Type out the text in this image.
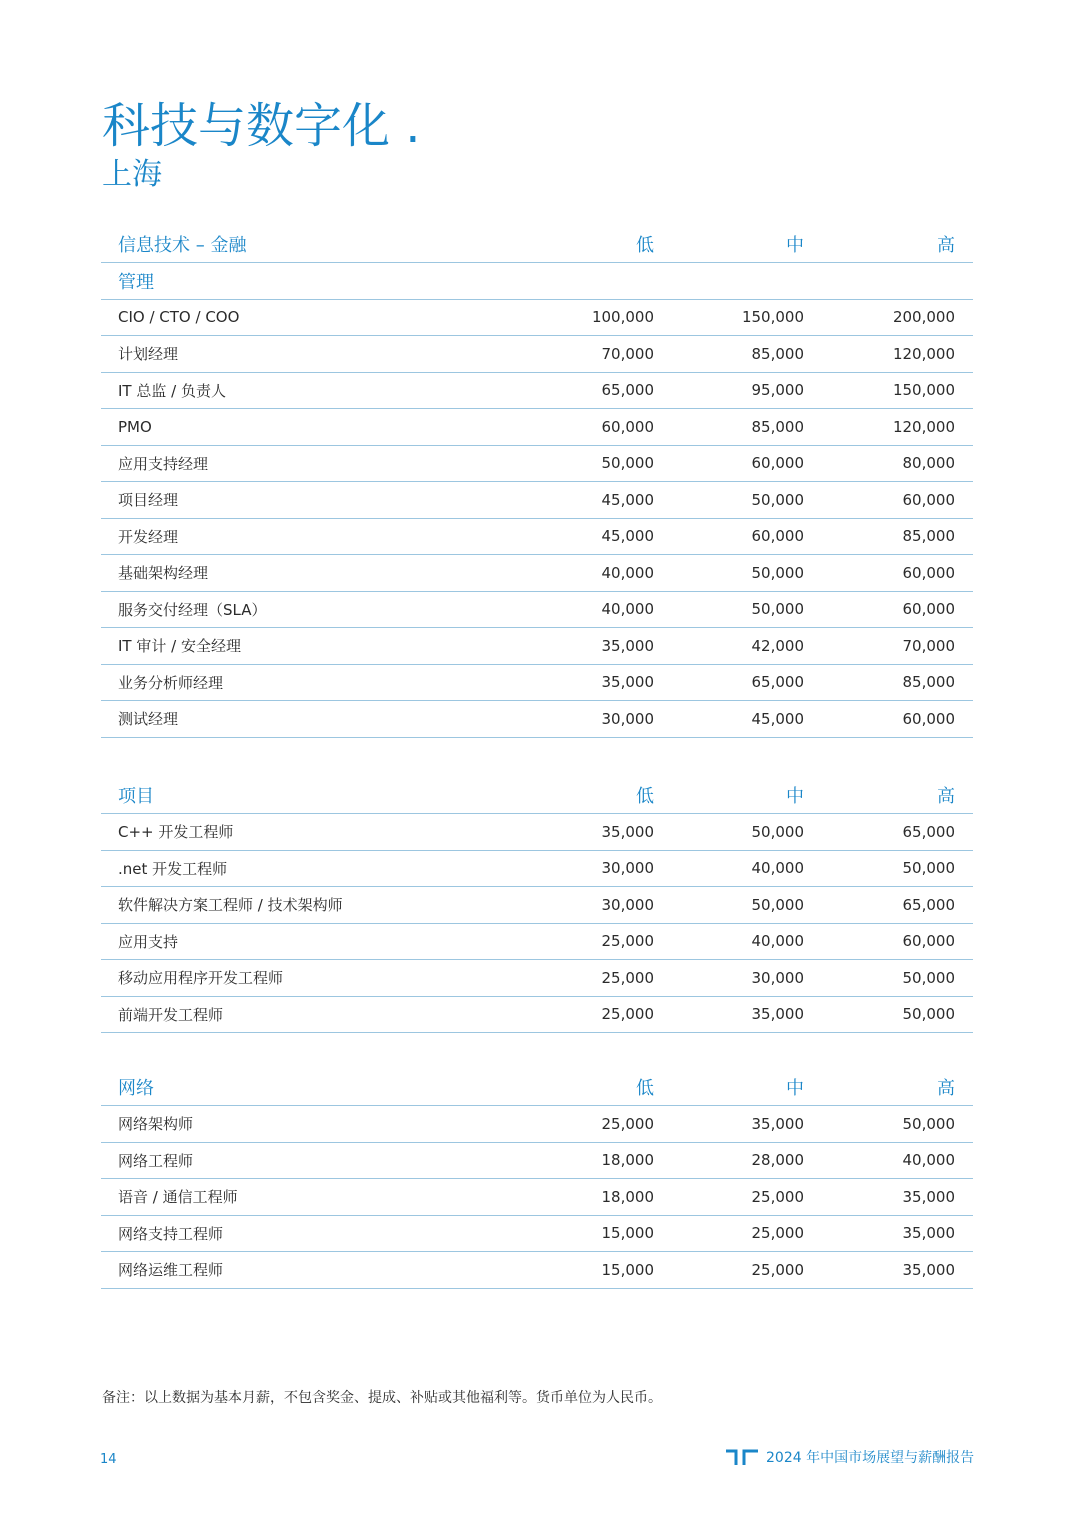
科技与数字化 .
上海
信息技术 – 金融	低	中	高
管理
CIO / CTO / COO	100,000	150,000	200,000
计划经理	70,000	85,000	120,000
IT 总监 / 负责人	65,000	95,000	150,000
PMO	60,000	85,000	120,000
应用支持经理	50,000	60,000	80,000
项目经理	45,000	50,000	60,000
开发经理	45,000	60,000	85,000
基础架构经理	40,000	50,000	60,000
服务交付经理（SLA）	40,000	50,000	60,000
IT 审计 / 安全经理	35,000	42,000	70,000
业务分析师经理	35,000	65,000	85,000
测试经理	30,000	45,000	60,000
项目	低	中	高
C++ 开发工程师	35,000	50,000	65,000
.net 开发工程师	30,000	40,000	50,000
软件解决方案工程师 / 技术架构师	30,000	50,000	65,000
应用支持	25,000	40,000	60,000
移动应用程序开发工程师	25,000	30,000	50,000
前端开发工程师	25,000	35,000	50,000
网络	低	中	高
网络架构师	25,000	35,000	50,000
网络工程师	18,000	28,000	40,000
语音 / 通信工程师	18,000	25,000	35,000
网络支持工程师	15,000	25,000	35,000
网络运维工程师	15,000	25,000	35,000

备注：以上数据为基本月薪，不包含奖金、提成、补贴或其他福利等。货币单位为人民币。

14	2024 年中国市场展望与薪酬报告
